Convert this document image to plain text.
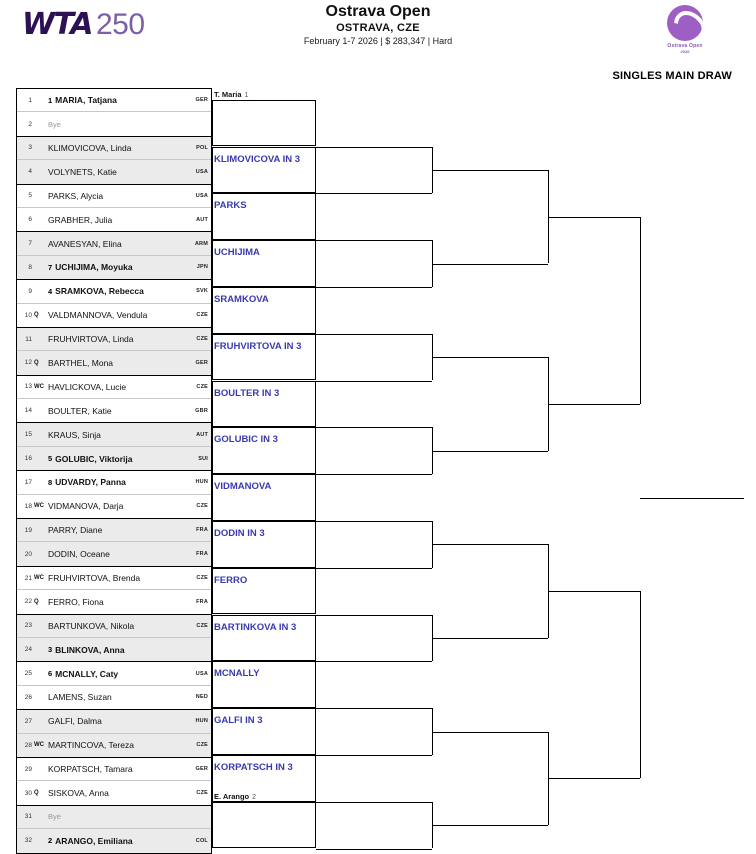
WTA 250	Ostrava Open
OSTRAVA, CZE
February 1-7 2026 | $ 283,347 | Hard	Ostrava Open
2026
SINGLES MAIN DRAW
1 1 MARIA, Tatjana	GER
2 Bye
3 KLIMOVICOVA, Linda	POL
4 VOLYNETS, Katie	USA
5 PARKS, Alycia	USA
6 GRABHER, Julia	AUT
7 AVANESYAN, Elina	ARM
8 7 UCHIJIMA, Moyuka	JPN
9 4 SRAMKOVA, Rebecca	SVK
10 Q	VALDMANNOVA, Vendula	CZE
11 FRUHVIRTOVA, Linda	CZE
12 Q	BARTHEL, Mona	GER
13 WC HAVLICKOVA, Lucie	CZE
14 BOULTER, Katie	GBR
15 KRAUS, Sinja	AUT
16 5 GOLUBIC, Viktorija	SUI
17 8 UDVARDY, Panna	HUN
18 WC VIDMANOVA, Darja	CZE
19 PARRY, Diane	FRA
20 DODIN, Oceane	FRA
21 WC FRUHVIRTOVA, Brenda	CZE
22 Q	FERRO, Fiona	FRA
23 BARTUNKOVA, Nikola	CZE
24 3 BLINKOVA, Anna
25 6 MCNALLY, Caty	USA
26 LAMENS, Suzan	NED
27 GALFI, Dalma	HUN
28 WC MARTINCOVA, Tereza	CZE
29 KORPATSCH, Tamara	GER
30 Q	SISKOVA, Anna	CZE
31 Bye
32 2 ARANGO, Emiliana	COL
T. Maria 1
KLIMOVICOVA IN 3
PARKS
UCHIJIMA
SRAMKOVA
FRUHVIRTOVA IN 3
BOULTER IN 3
GOLUBIC IN 3
VIDMANOVA
DODIN IN 3
FERRO
BARTINKOVA IN 3
MCNALLY
GALFI IN 3
KORPATSCH IN 3
E. Arango 2
